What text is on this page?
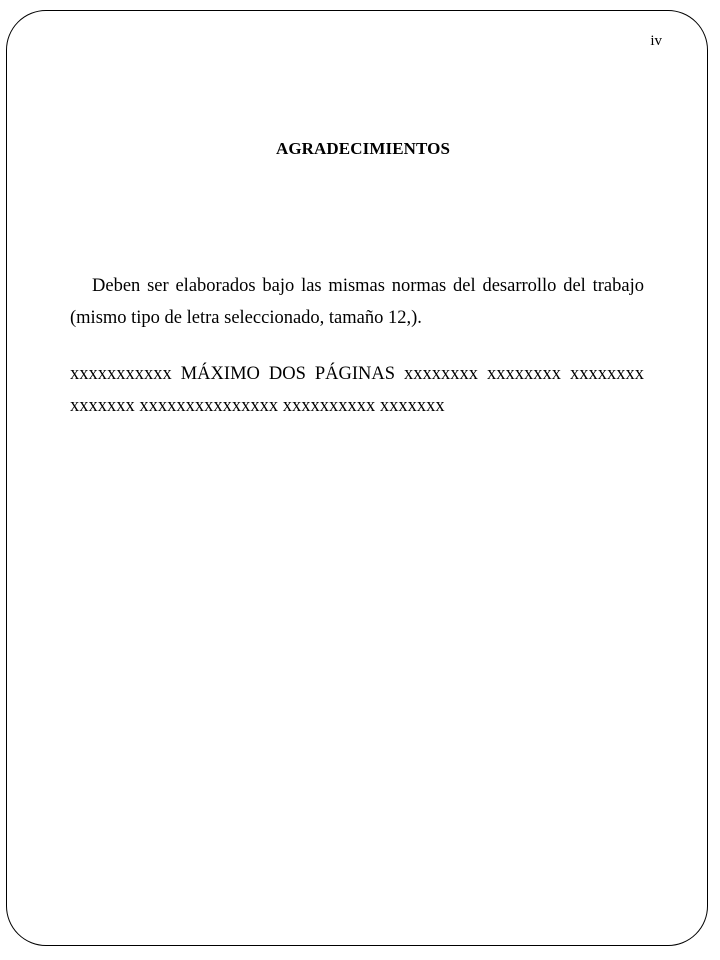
iv
AGRADECIMIENTOS

Deben ser elaborados bajo las mismas normas del desarrollo del trabajo (mismo tipo de letra seleccionado, tamaño 12,).

xxxxxxxxxxx MÁXIMO DOS PÁGINAS xxxxxxxx xxxxxxxx xxxxxxxx xxxxxxx xxxxxxxxxxxxxxx xxxxxxxxxx xxxxxxx
